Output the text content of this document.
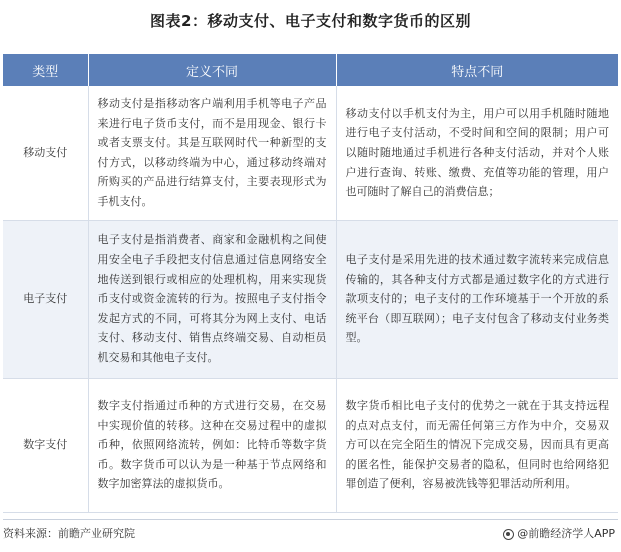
图表2：移动支付、电子支付和数字货币的区别
类型	定义不同	特点不同
移动支付	移动支付是指移动客户端利用手机等电子产品来进行电子货币支付，而不是用现金、银行卡或者支票支付。其是互联网时代一种新型的支付方式，以移动终端为中心，通过移动终端对所购买的产品进行结算支付，主要表现形式为手机支付。	移动支付以手机支付为主，用户可以用手机随时随地进行电子支付活动，不受时间和空间的限制；用户可以随时随地通过手机进行各种支付活动，并对个人账户进行查询、转账、缴费、充值等功能的管理，用户也可随时了解自己的消费信息；
电子支付	电子支付是指消费者、商家和金融机构之间使用安全电子手段把支付信息通过信息网络安全地传送到银行或相应的处理机构，用来实现货币支付或资金流转的行为。按照电子支付指令发起方式的不同，可将其分为网上支付、电话支付、移动支付、销售点终端交易、自动柜员机交易和其他电子支付。	电子支付是采用先进的技术通过数字流转来完成信息传输的，其各种支付方式都是通过数字化的方式进行款项支付的；电子支付的工作环境基于一个开放的系统平台（即互联网）；电子支付包含了移动支付业务类型。
数字支付	数字支付指通过币种的方式进行交易，在交易中实现价值的转移。这种在交易过程中的虚拟币种，依照网络流转，例如：比特币等数字货币。数字货币可以认为是一种基于节点网络和数字加密算法的虚拟货币。	数字货币相比电子支付的优势之一就在于其支持远程的点对点支付，而无需任何第三方作为中介，交易双方可以在完全陌生的情况下完成交易，因而具有更高的匿名性，能保护交易者的隐私，但同时也给网络犯罪创造了便利，容易被洗钱等犯罪活动所利用。
资料来源：前瞻产业研究院	@前瞻经济学人APP
